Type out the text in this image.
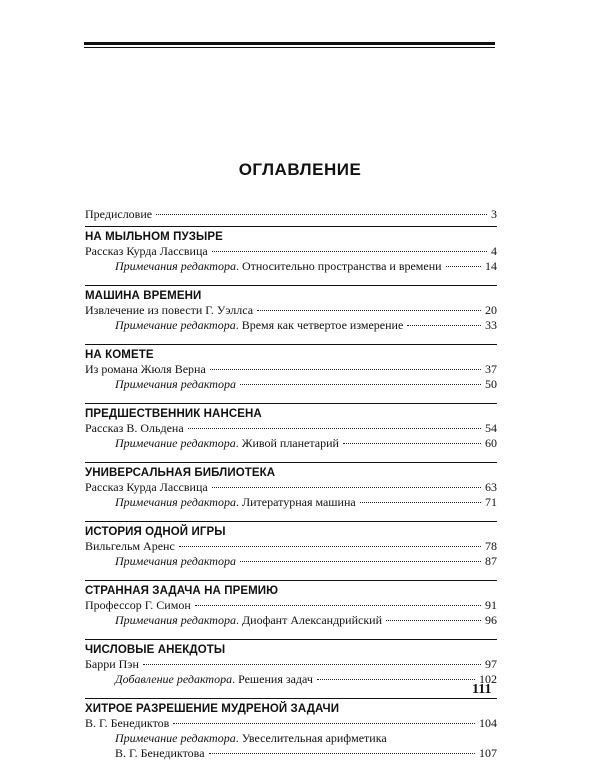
ОГЛАВЛЕНИЕ
Предисловие	3
НА МЫЛЬНОМ ПУЗЫРЕ
Рассказ Курда Лассвица	4
Примечания редактора. Относительно пространства и времени	14
МАШИНА ВРЕМЕНИ
Извлечение из повести Г. Уэллса	20
Примечание редактора. Время как четвертое измерение	33
НА КОМЕТЕ
Из романа Жюля Верна	37
Примечания редактора	50
ПРЕДШЕСТВЕННИК НАНСЕНА
Рассказ В. Ольдена	54
Примечание редактора. Живой планетарий	60
УНИВЕРСАЛЬНАЯ БИБЛИОТЕКА
Рассказ Курда Лассвица	63
Примечания редактора. Литературная машина	71
ИСТОРИЯ ОДНОЙ ИГРЫ
Вильгельм Аренс	78
Примечания редактора	87
СТРАННАЯ ЗАДАЧА НА ПРЕМИЮ
Профессор Г. Симон	91
Примечания редактора. Диофант Александрийский	96
ЧИСЛОВЫЕ АНЕКДОТЫ
Барри Пэн	97
Добавление редактора. Решения задач	102
ХИТРОЕ РАЗРЕШЕНИЕ МУДРЕНОЙ ЗАДАЧИ
В. Г. Бенедиктов	104
Примечание редактора. Увеселительная арифметика
В. Г. Бенедиктова	107
111
